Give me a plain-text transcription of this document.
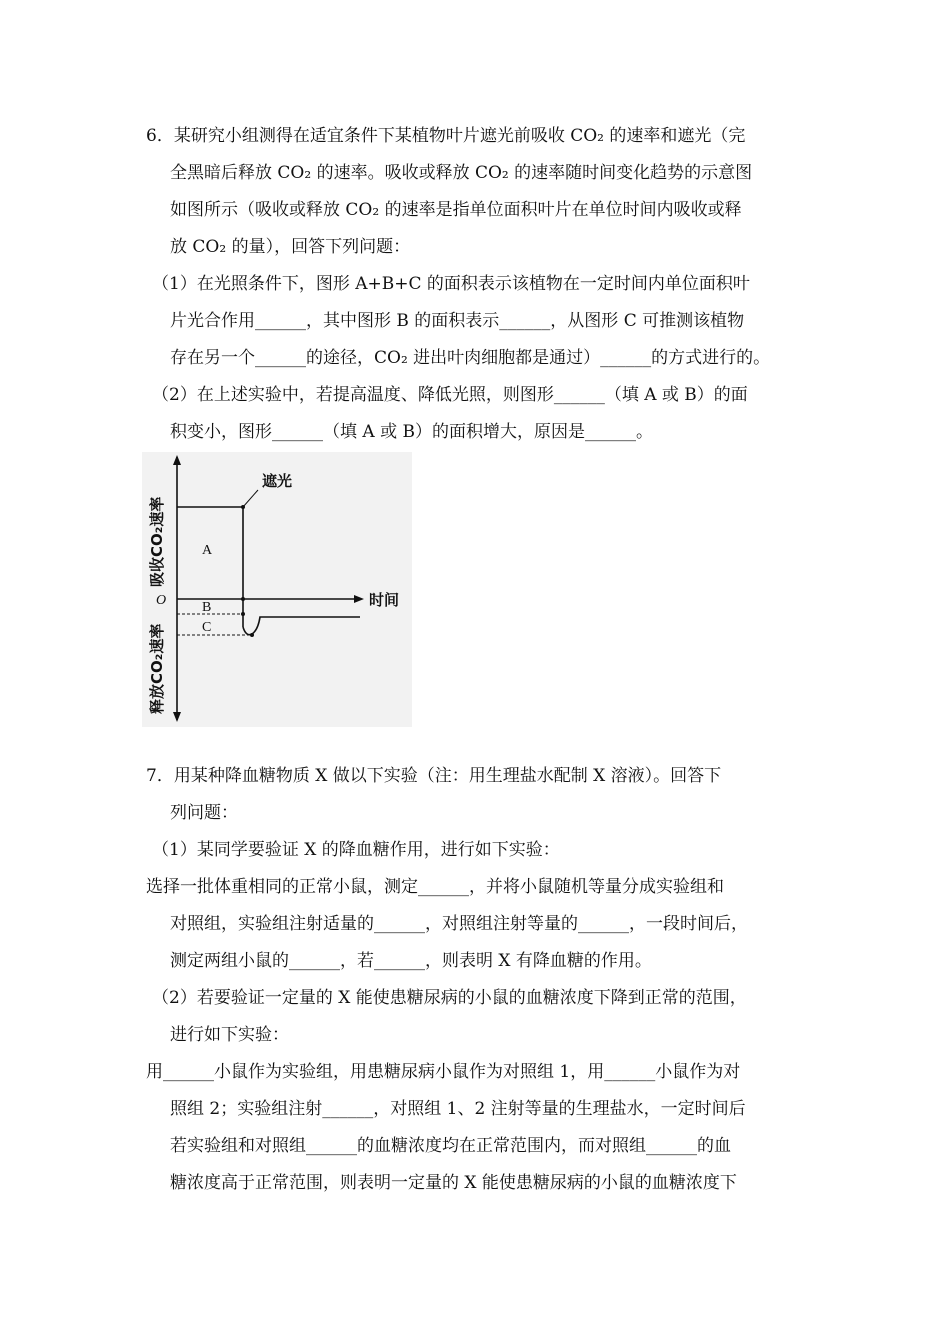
6．某研究小组测得在适宜条件下某植物叶片遮光前吸收 CO₂ 的速率和遮光（完
全黑暗后释放 CO₂ 的速率。吸收或释放 CO₂ 的速率随时间变化趋势的示意图
如图所示（吸收或释放 CO₂ 的速率是指单位面积叶片在单位时间内吸收或释
放 CO₂ 的量），回答下列问题：
（1）在光照条件下，图形 A+B+C 的面积表示该植物在一定时间内单位面积叶
片光合作用______，其中图形 B 的面积表示______，从图形 C 可推测该植物
存在另一个______的途径，CO₂ 进出叶肉细胞都是通过）______的方式进行的。
（2）在上述实验中，若提高温度、降低光照，则图形______（填 A 或 B）的面
积变小，图形______（填 A 或 B）的面积增大，原因是______。
遮光
时间
O
A
B
C
吸收CO₂速率
释放CO₂速率
7．用某种降血糖物质 X 做以下实验（注：用生理盐水配制 X 溶液）。回答下
列问题：
（1）某同学要验证 X 的降血糖作用，进行如下实验：
选择一批体重相同的正常小鼠，测定______，并将小鼠随机等量分成实验组和
对照组，实验组注射适量的______，对照组注射等量的______，一段时间后，
测定两组小鼠的______，若______，则表明 X 有降血糖的作用。
（2）若要验证一定量的 X 能使患糖尿病的小鼠的血糖浓度下降到正常的范围，
进行如下实验：
用______小鼠作为实验组，用患糖尿病小鼠作为对照组 1，用______小鼠作为对
照组 2；实验组注射______，对照组 1、2 注射等量的生理盐水，一定时间后
若实验组和对照组______的血糖浓度均在正常范围内，而对照组______的血
糖浓度高于正常范围，则表明一定量的 X 能使患糖尿病的小鼠的血糖浓度下
